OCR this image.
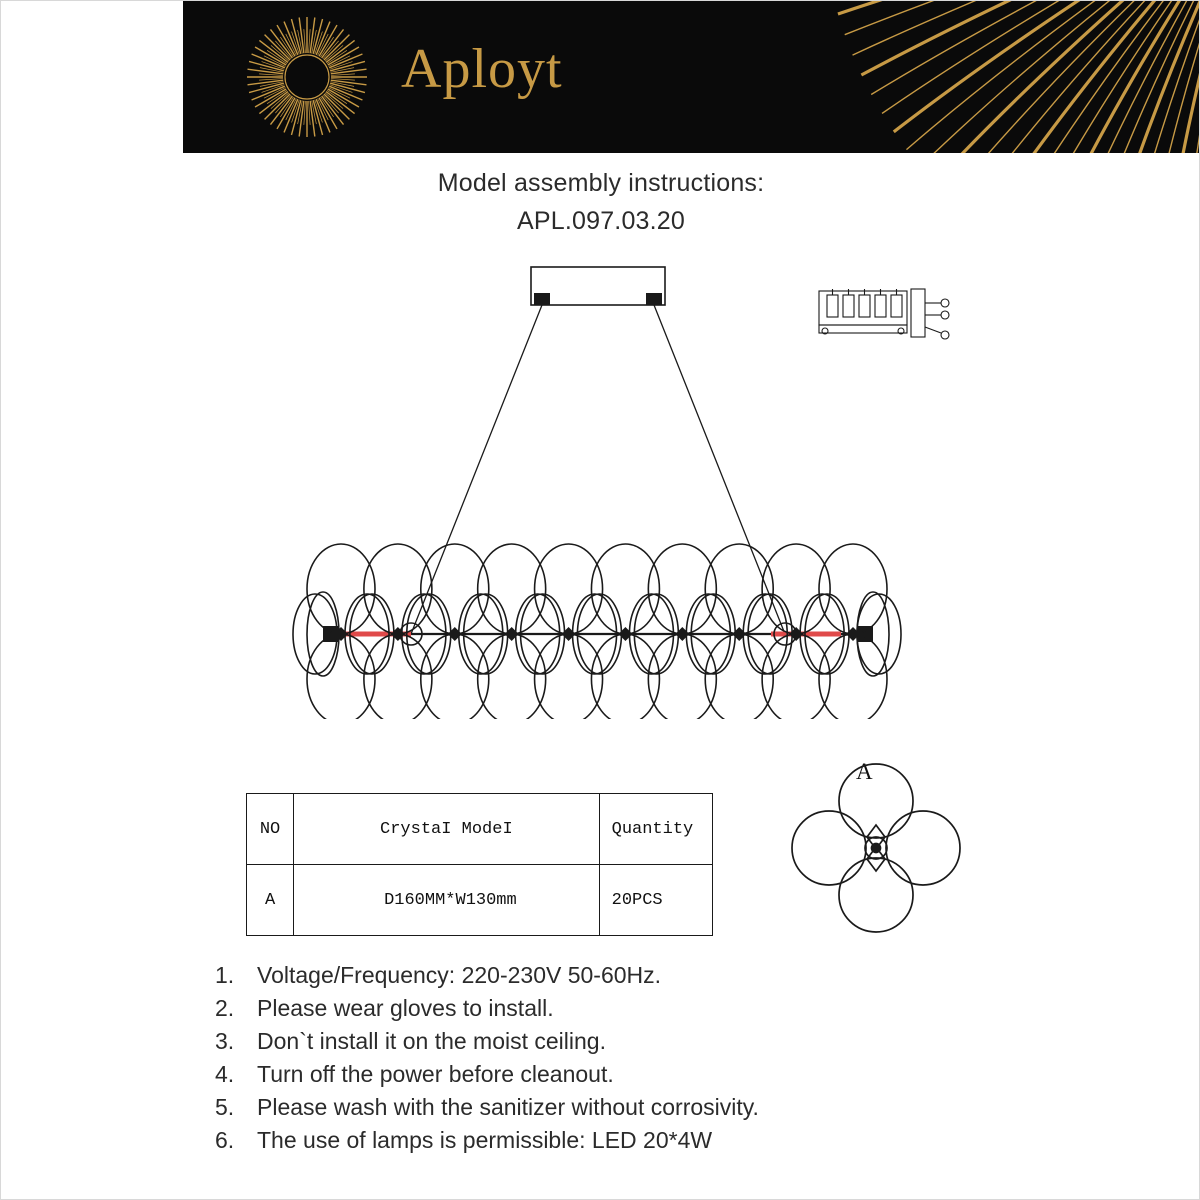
Aployt
Model assembly instructions:
APL.097.03.20
NO	CrystaI ModeI	Quantity
A	D160MM*W130mm	20PCS
A
1. Voltage/Frequency: 220-230V 50-60Hz.
2. Please wear gloves to install.
3. Don`t install it on the moist ceiling.
4. Turn off the power before cleanout.
5. Please wash with the sanitizer without corrosivity.
6. The use of lamps is permissible: LED 20*4W
